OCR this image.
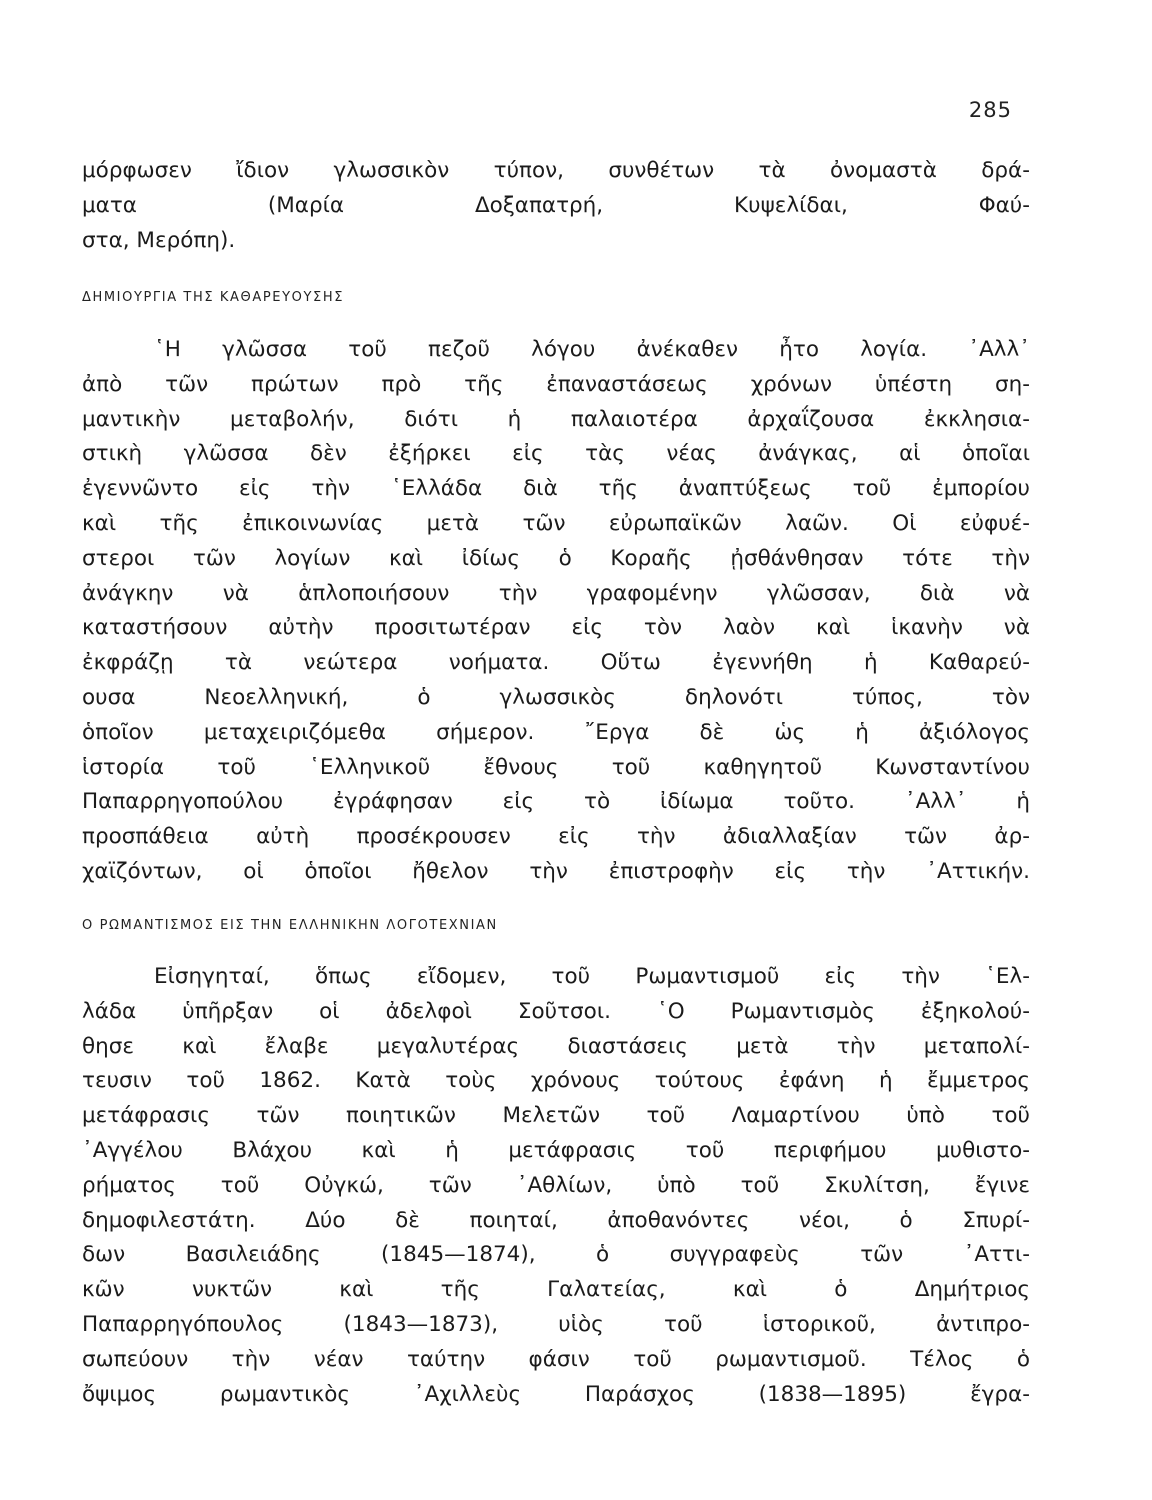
285
μόρφωσεν ἴδιον γλωσσικὸν τύπον, συνθέτων τὰ ὀνομαστὰ δρά-
ματα (Μαρία Δοξαπατρή, Κυψελίδαι, Φαύ-
στα, Μερόπη).
ΔΗΜΙΟΥΡΓΙΑ ΤΗΣ ΚΑΘΑΡΕΥΟΥΣΗΣ
῾Η γλῶσσα τοῦ πεζοῦ λόγου ἀνέκαθεν ἦτο λογία. ᾿Αλλ᾿
ἀπὸ τῶν πρώτων πρὸ τῆς ἐπαναστάσεως χρόνων ὑπέστη ση-
μαντικὴν μεταβολήν, διότι ἡ παλαιοτέρα ἀρχαΐζουσα ἐκκλησια-
στικὴ γλῶσσα δὲν ἐξήρκει εἰς τὰς νέας ἀνάγκας, αἱ ὁποῖαι
ἐγεννῶντο εἰς τὴν ῾Ελλάδα διὰ τῆς ἀναπτύξεως τοῦ ἐμπορίου
καὶ τῆς ἐπικοινωνίας μετὰ τῶν εὐρωπαϊκῶν λαῶν. Οἱ εὐφυέ-
στεροι τῶν λογίων καὶ ἰδίως ὁ Κοραῆς ᾐσθάνθησαν τότε τὴν
ἀνάγκην νὰ ἁπλοποιήσουν τὴν γραφομένην γλῶσσαν, διὰ νὰ
καταστήσουν αὐτὴν προσιτωτέραν εἰς τὸν λαὸν καὶ ἱκανὴν νὰ
ἐκφράζῃ τὰ νεώτερα νοήματα. Οὕτω ἐγεννήθη ἡ Καθαρεύ-
ουσα Νεοελληνική, ὁ γλωσσικὸς δηλονότι τύπος, τὸν
ὁποῖον μεταχειριζόμεθα σήμερον. ῎Εργα δὲ ὡς ἡ ἀξιόλογος
ἱστορία τοῦ ῾Ελληνικοῦ ἔθνους τοῦ καθηγητοῦ Κωνσταντίνου
Παπαρρηγοπούλου ἐγράφησαν εἰς τὸ ἰδίωμα τοῦτο. ᾿Αλλ᾿ ἡ
προσπάθεια αὐτὴ προσέκρουσεν εἰς τὴν ἀδιαλλαξίαν τῶν ἀρ-
χαϊζόντων, οἱ ὁποῖοι ἤθελον τὴν ἐπιστροφὴν εἰς τὴν ᾿Αττικήν.
Ο ΡΩΜΑΝΤΙΣΜΟΣ ΕΙΣ ΤΗΝ ΕΛΛΗΝΙΚΗΝ ΛΟΓΟΤΕΧΝΙΑΝ
Εἰσηγηταί, ὅπως εἴδομεν, τοῦ Ρωμαντισμοῦ εἰς τὴν ῾Ελ-
λάδα ὑπῆρξαν οἱ ἀδελφοὶ Σοῦτσοι. ῾Ο Ρωμαντισμὸς ἐξηκολού-
θησε καὶ ἔλαβε μεγαλυτέρας διαστάσεις μετὰ τὴν μεταπολί-
τευσιν τοῦ 1862. Κατὰ τοὺς χρόνους τούτους ἐφάνη ἡ ἔμμετρος
μετάφρασις τῶν ποιητικῶν Μελετῶν τοῦ Λαμαρτίνου ὑπὸ τοῦ
᾿Αγγέλου Βλάχου καὶ ἡ μετάφρασις τοῦ περιφήμου μυθιστο-
ρήματος τοῦ Οὐγκώ, τῶν ᾿Αθλίων, ὑπὸ τοῦ Σκυλίτση, ἔγινε
δημοφιλεστάτη. Δύο δὲ ποιηταί, ἀποθανόντες νέοι, ὁ Σπυρί-
δων Βασιλειάδης (1845—1874), ὁ συγγραφεὺς τῶν ᾿Αττι-
κῶν νυκτῶν καὶ τῆς Γαλατείας, καὶ ὁ Δημήτριος
Παπαρρηγόπουλος (1843—1873), υἱὸς τοῦ ἱστορικοῦ, ἀντιπρο-
σωπεύουν τὴν νέαν ταύτην φάσιν τοῦ ρωμαντισμοῦ. Τέλος ὁ
ὄψιμος ρωμαντικὸς ᾿Αχιλλεὺς Παράσχος (1838—1895) ἔγρα-
